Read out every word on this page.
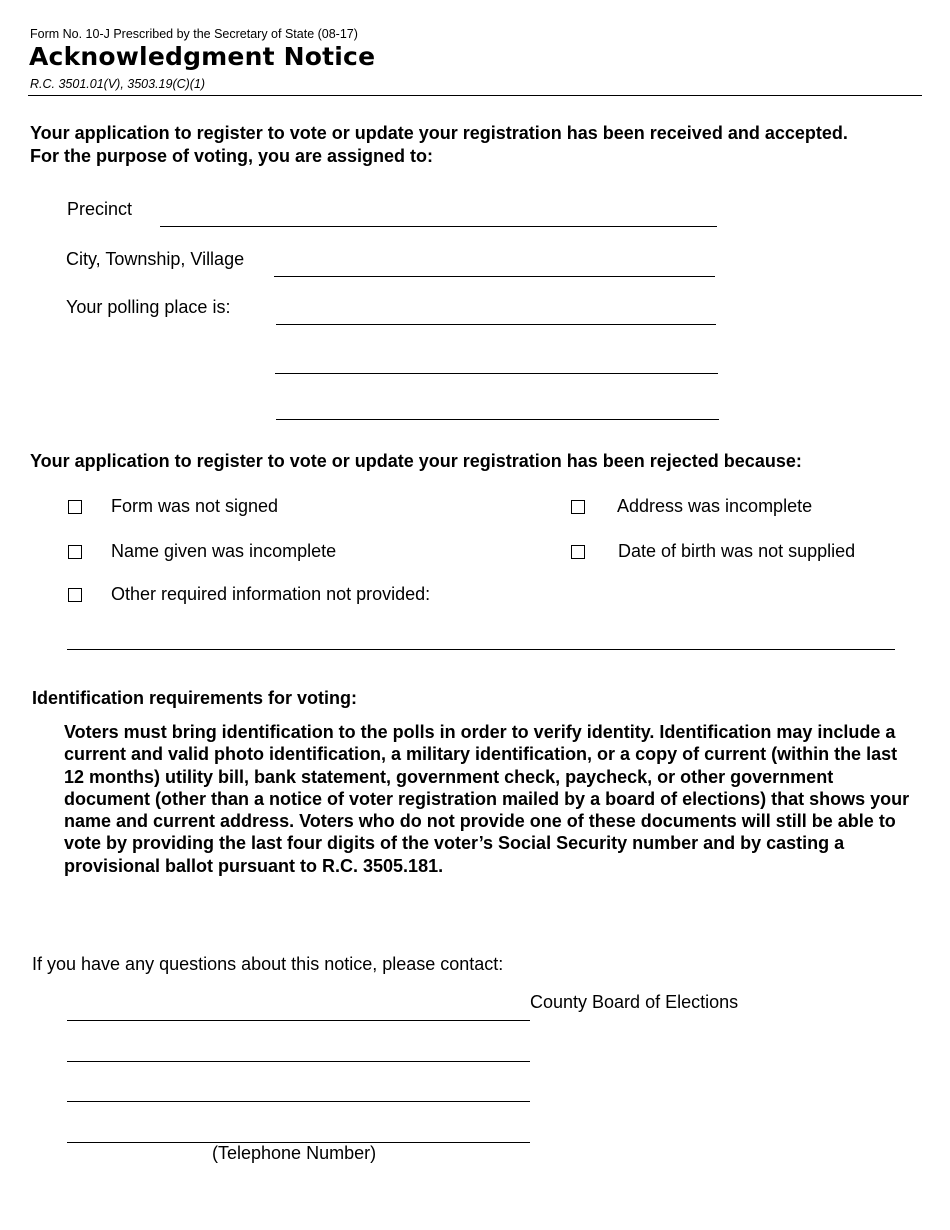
Form No. 10-J Prescribed by the Secretary of State (08-17)
Acknowledgment Notice
R.C. 3501.01(V), 3503.19(C)(1)
Your application to register to vote or update your registration has been received and accepted.
For the purpose of voting, you are assigned to:
Precinct
City, Township, Village
Your polling place is:
Your application to register to vote or update your registration has been rejected because:
Form was not signed	Address was incomplete
Name given was incomplete	Date of birth was not supplied
Other required information not provided:
Identification requirements for voting:
Voters must bring identification to the polls in order to verify identity. Identification may include a current and valid photo identification, a military identification, or a copy of current (within the last 12 months) utility bill, bank statement, government check, paycheck, or other government document (other than a notice of voter registration mailed by a board of elections) that shows your name and current address. Voters who do not provide one of these documents will still be able to vote by providing the last four digits of the voter’s Social Security number and by casting a provisional ballot pursuant to R.C. 3505.181.
If you have any questions about this notice, please contact:
County Board of Elections
(Telephone Number)
